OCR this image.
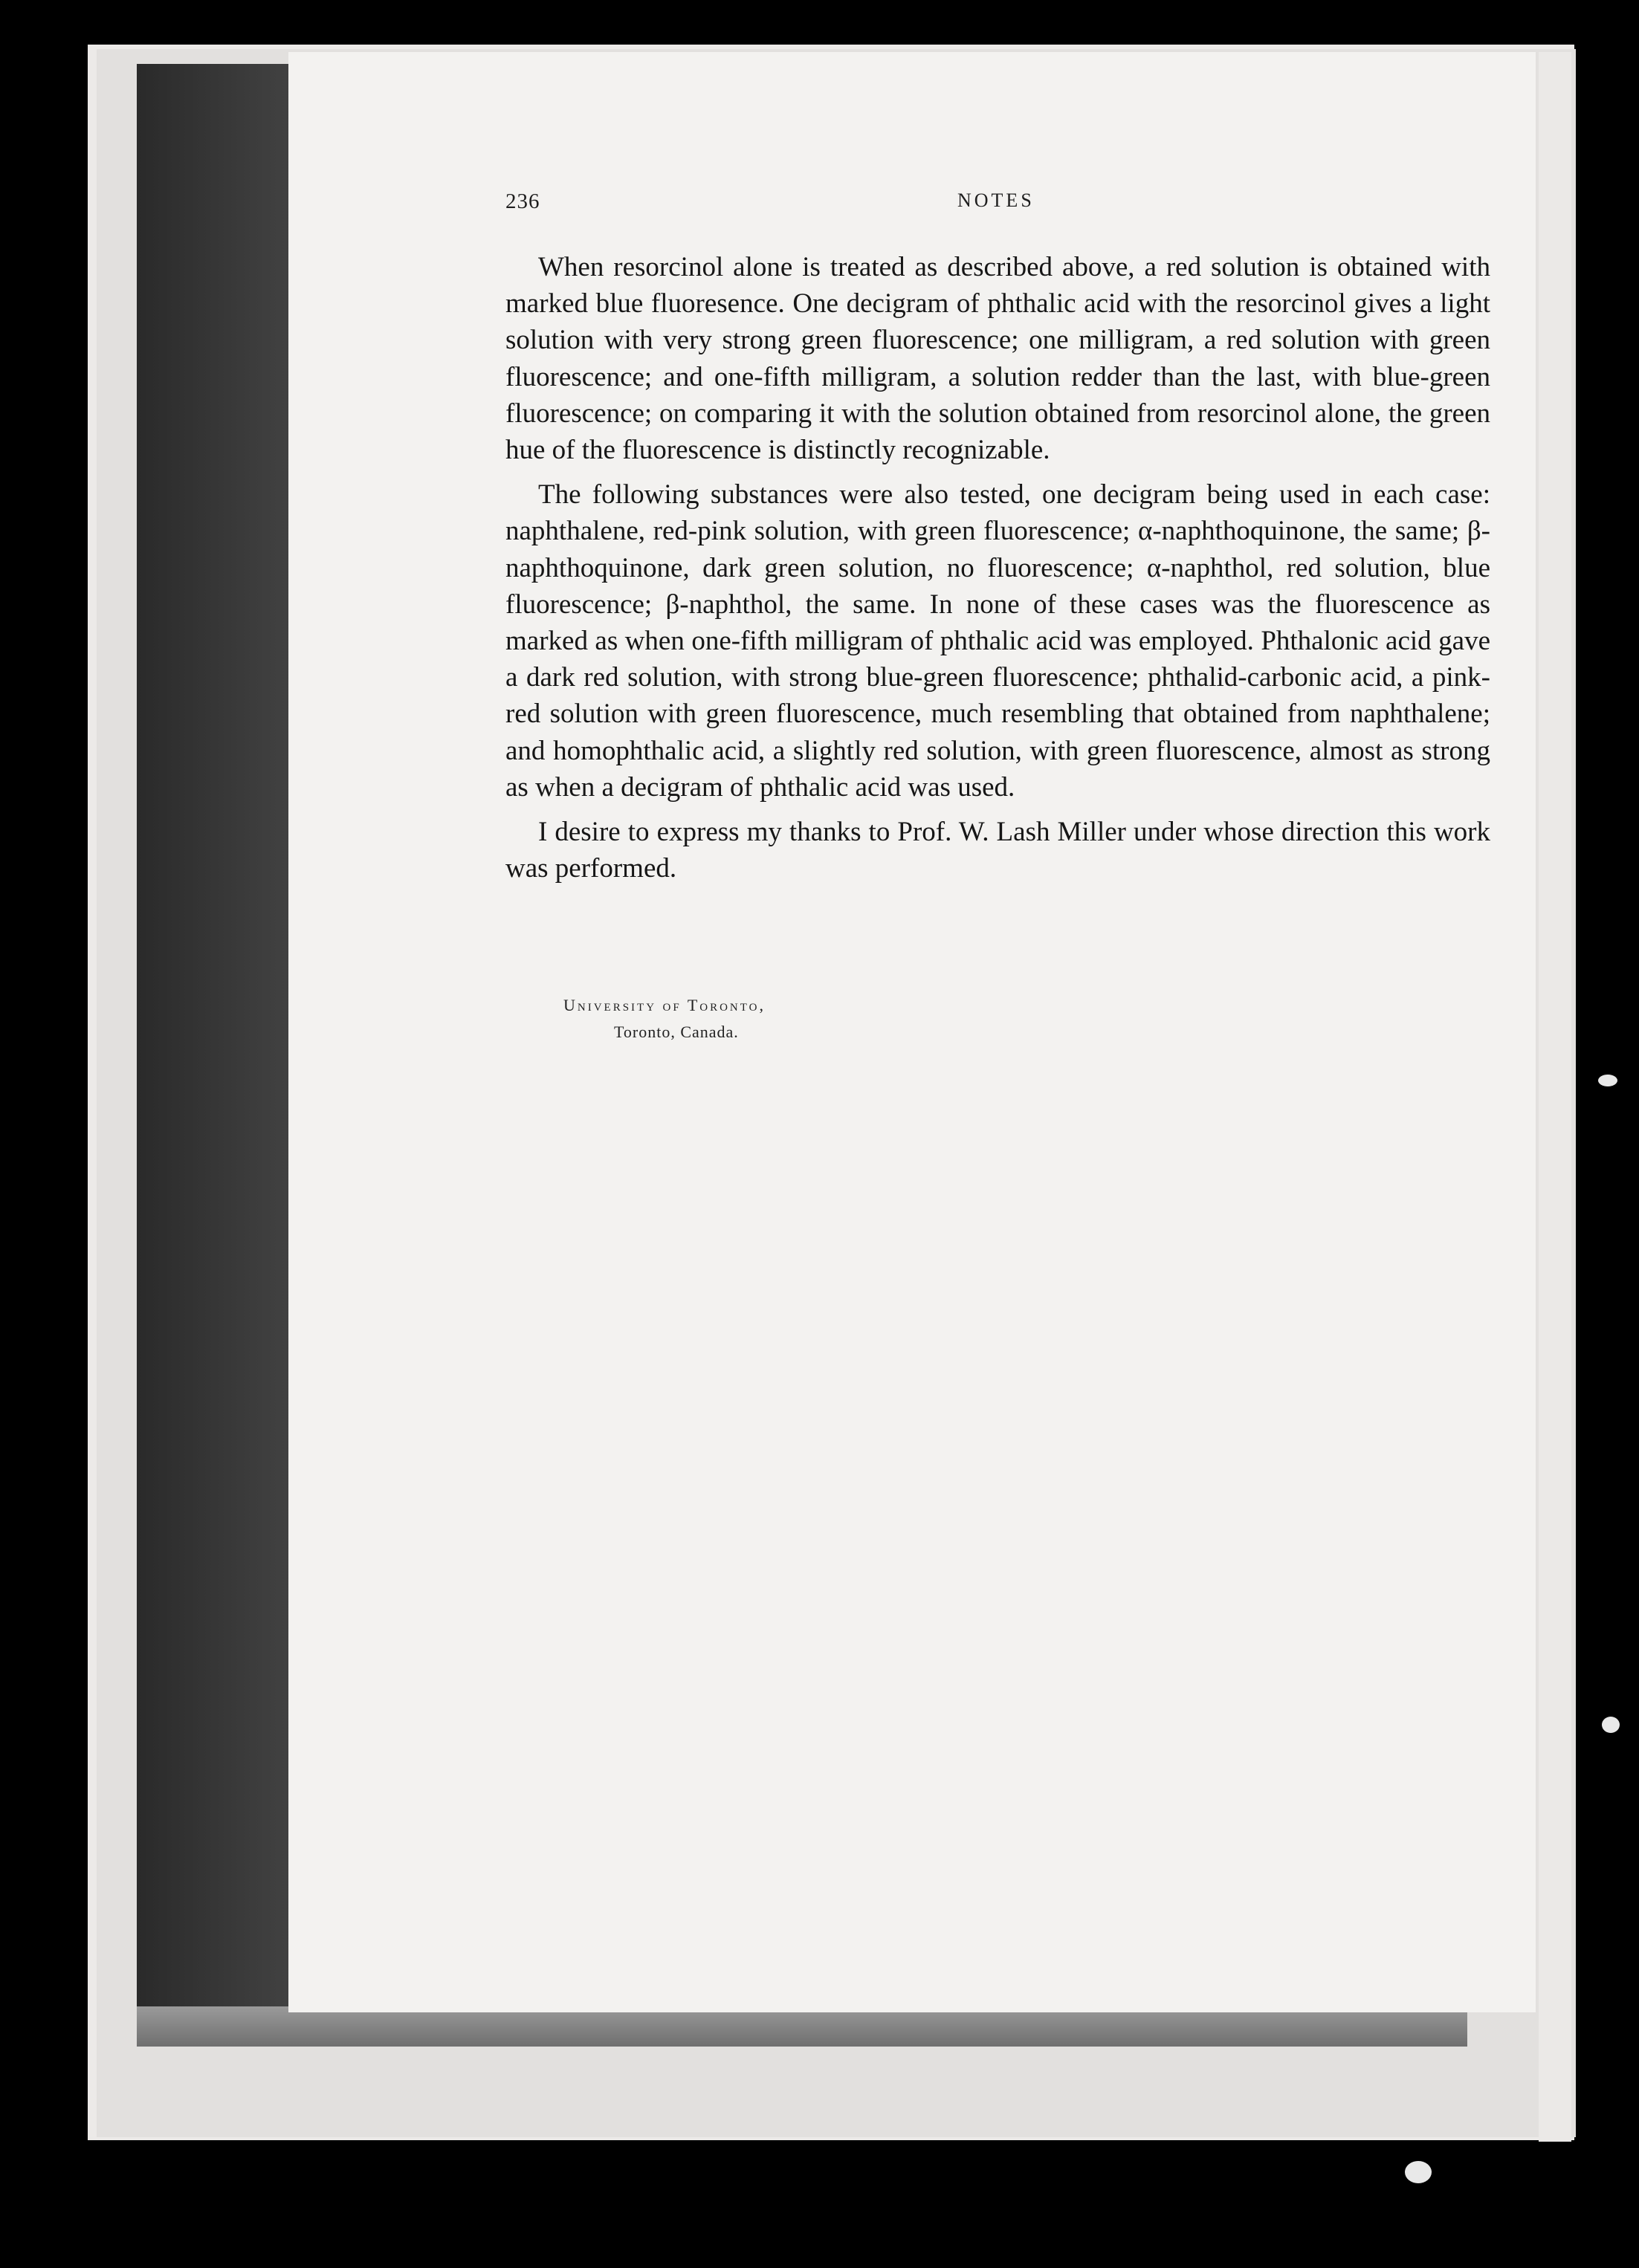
236	NOTES

When resorcinol alone is treated as described above, a red solution is obtained with marked blue fluoresence. One decigram of phthalic acid with the resorcinol gives a light solution with very strong green fluorescence; one milligram, a red solution with green fluorescence; and one-fifth milligram, a solution redder than the last, with blue-green fluorescence; on comparing it with the solution obtained from resorcinol alone, the green hue of the fluorescence is distinctly recognizable.

The following substances were also tested, one decigram being used in each case: naphthalene, red-pink solution, with green fluorescence; α-naphthoquinone, the same; β-naphthoquinone, dark green solution, no fluorescence; α-naphthol, red solution, blue fluorescence; β-naphthol, the same. In none of these cases was the fluorescence as marked as when one-fifth milligram of phthalic acid was employed. Phthalonic acid gave a dark red solution, with strong blue-green fluorescence; phthalid-carbonic acid, a pink-red solution with green fluorescence, much resembling that obtained from naphthalene; and homophthalic acid, a slightly red solution, with green fluorescence, almost as strong as when a decigram of phthalic acid was used.

I desire to express my thanks to Prof. W. Lash Miller under whose direction this work was performed.

University of Toronto,
Toronto, Canada.
